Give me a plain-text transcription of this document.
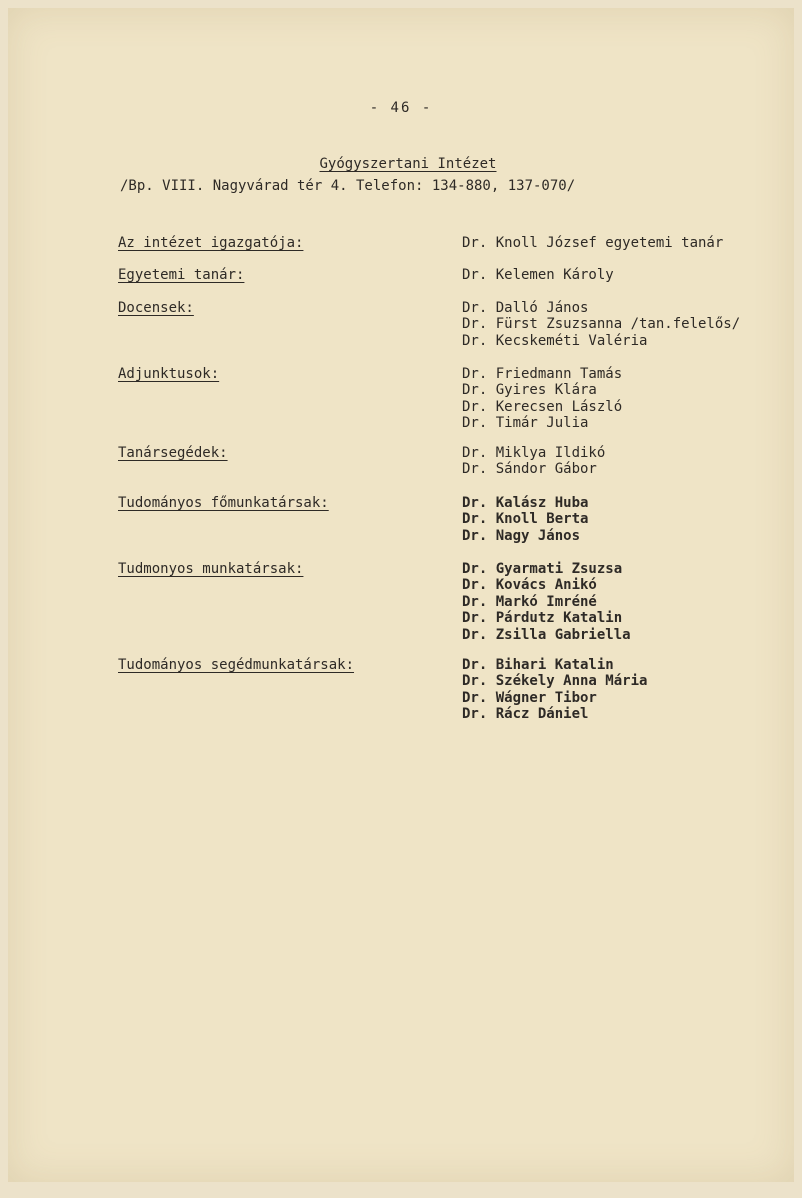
- 46 -
Gyógyszertani Intézet
/Bp. VIII. Nagyvárad tér 4. Telefon: 134-880, 137-070/
Az intézet igazgatója:	Dr. Knoll József egyetemi tanár
Egyetemi tanár:	Dr. Kelemen Károly
Docensek:	Dr. Dalló János
Dr. Fürst Zsuzsanna /tan.felelős/
Dr. Kecskeméti Valéria
Adjunktusok:	Dr. Friedmann Tamás
Dr. Gyires Klára
Dr. Kerecsen László
Dr. Timár Julia
Tanársegédek:	Dr. Miklya Ildikó
Dr. Sándor Gábor
Tudományos főmunkatársak:	Dr. Kalász Huba
Dr. Knoll Berta
Dr. Nagy János
Tudmonyos munkatársak:	Dr. Gyarmati Zsuzsa
Dr. Kovács Anikó
Dr. Markó Imréné
Dr. Párdutz Katalin
Dr. Zsilla Gabriella
Tudományos segédmunkatársak:	Dr. Bihari Katalin
Dr. Székely Anna Mária
Dr. Wágner Tibor
Dr. Rácz Dániel
